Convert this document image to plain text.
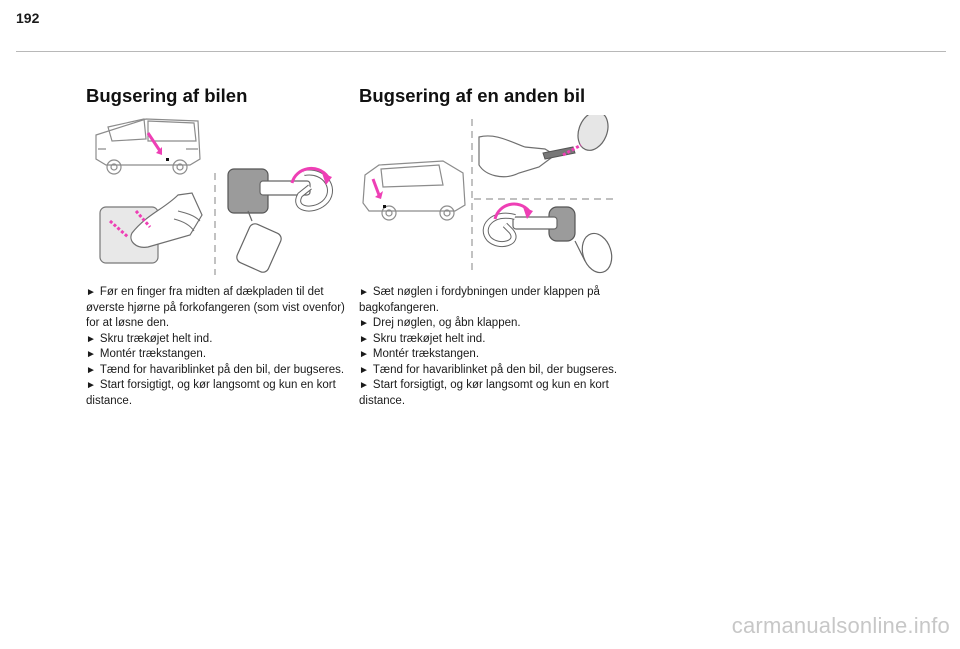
192
Bugsering af bilen

► Før en finger fra midten af dækpladen til det øverste hjørne på forkofangeren (som vist ovenfor) for at løsne den.

► Skru trækøjet helt ind.

► Montér trækstangen.

► Tænd for havariblinket på den bil, der bugseres.

► Start forsigtigt, og kør langsomt og kun en kort distance.

Bugsering af en anden bil

► Sæt nøglen i fordybningen under klappen på bagkofangeren.

► Drej nøglen, og åbn klappen.

► Skru trækøjet helt ind.

► Montér trækstangen.

► Tænd for havariblinket på den bil, der bugseres.

► Start forsigtigt, og kør langsomt og kun en kort distance.

carmanualsonline.info
